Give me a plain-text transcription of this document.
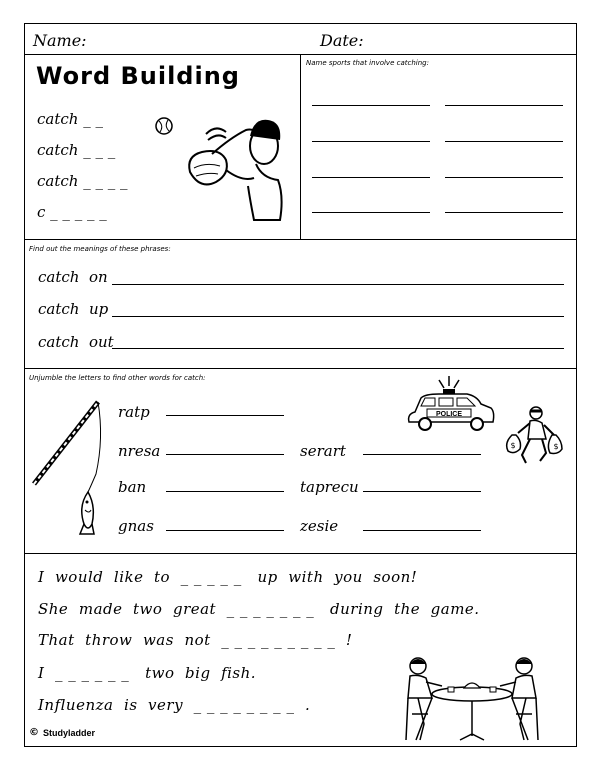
Name:	Date:
Word Building
catch _ _
catch _ _ _
catch _ _ _ _
c _ _ _ _ _
Name sports that involve catching:
Find out the meanings of these phrases:
catch  on
catch  up
catch  out
Unjumble the letters to find other words for catch:
ratp
nresa
ban
gnas
serart
taprecu
zesie
POLICE
$	$
I  would  like  to  _ _ _ _ _   up  with  you  soon!
She  made  two  great  _ _ _ _ _ _ _   during  the  game.
That  throw  was  not  _ _ _ _ _ _ _ _ _  !
I  _ _ _ _ _ _   two  big  fish.
Influenza  is  very  _ _ _ _ _ _ _ _  .
© Studyladder
